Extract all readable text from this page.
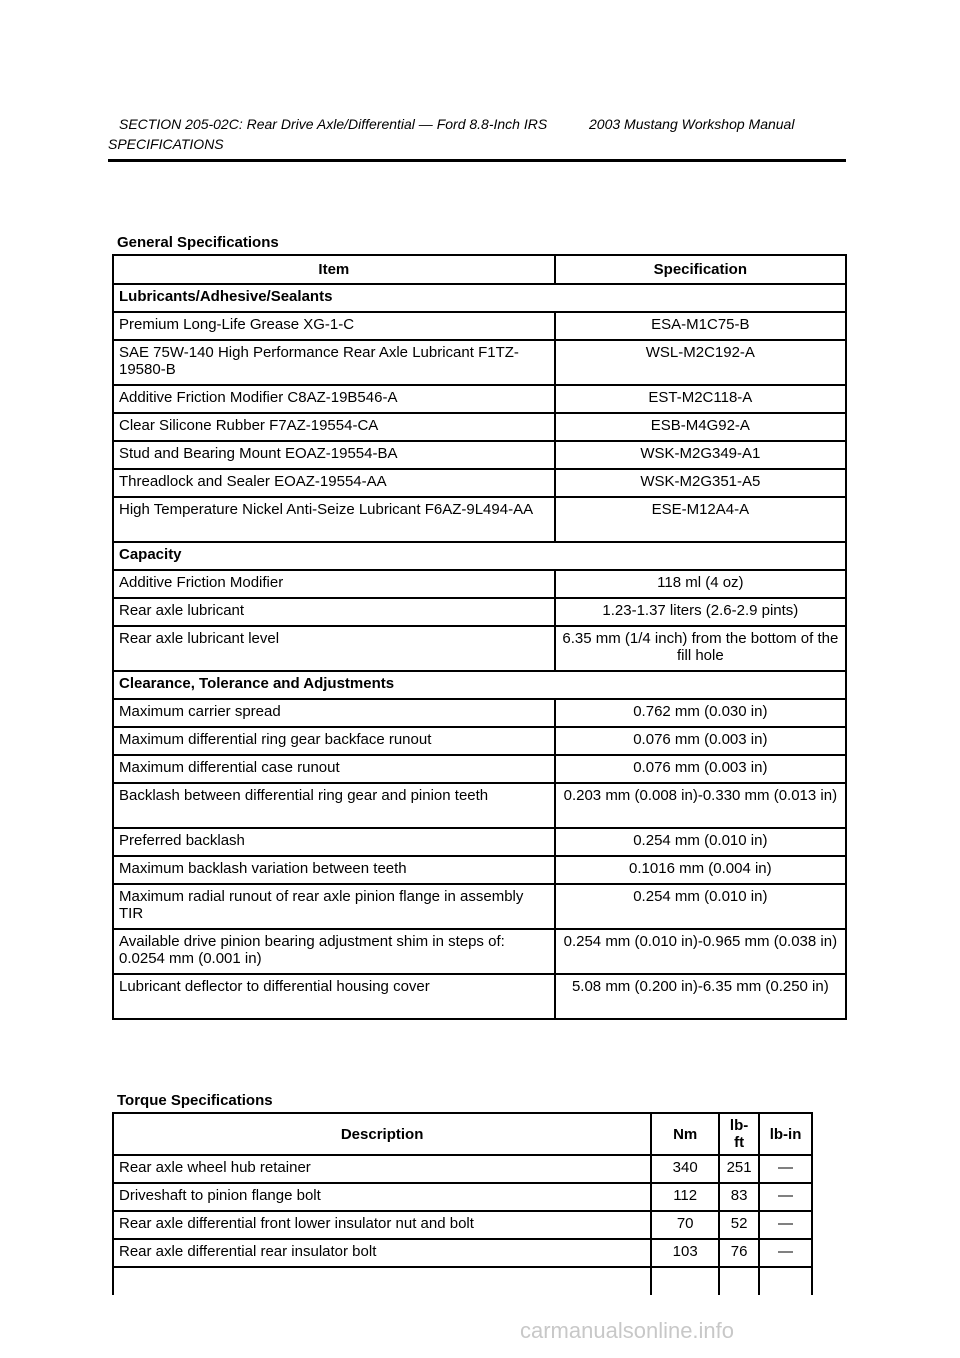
SECTION 205-02C: Rear Drive Axle/Differential — Ford 8.8-Inch IRS	2003 Mustang Workshop Manual
SPECIFICATIONS
General Specifications
Item	Specification
Lubricants/Adhesive/Sealants	
Premium Long-Life Grease XG-1-C	ESA-M1C75-B
SAE 75W-140 High Performance Rear Axle Lubricant F1TZ-19580-B	WSL-M2C192-A
Additive Friction Modifier C8AZ-19B546-A	EST-M2C118-A
Clear Silicone Rubber F7AZ-19554-CA	ESB-M4G92-A
Stud and Bearing Mount EOAZ-19554-BA	WSK-M2G349-A1
Threadlock and Sealer EOAZ-19554-AA	WSK-M2G351-A5
High Temperature Nickel Anti-Seize Lubricant F6AZ-9L494-AA	ESE-M12A4-A
Capacity	
Additive Friction Modifier	118 ml (4 oz)
Rear axle lubricant	1.23-1.37 liters (2.6-2.9 pints)
Rear axle lubricant level	6.35 mm (1/4 inch) from the bottom of the fill hole
Clearance, Tolerance and Adjustments	
Maximum carrier spread	0.762 mm (0.030 in)
Maximum differential ring gear backface runout	0.076 mm (0.003 in)
Maximum differential case runout	0.076 mm (0.003 in)
Backlash between differential ring gear and pinion teeth	0.203 mm (0.008 in)-0.330 mm (0.013 in)
Preferred backlash	0.254 mm (0.010 in)
Maximum backlash variation between teeth	0.1016 mm (0.004 in)
Maximum radial runout of rear axle pinion flange in assembly TIR	0.254 mm (0.010 in)
Available drive pinion bearing adjustment shim in steps of: 0.0254 mm (0.001 in)	0.254 mm (0.010 in)-0.965 mm (0.038 in)
Lubricant deflector to differential housing cover	5.08 mm (0.200 in)-6.35 mm (0.250 in)
Torque Specifications
Description	Nm	lb-ft	lb-in
Rear axle wheel hub retainer	340	251	—
Driveshaft to pinion flange bolt	112	83	—
Rear axle differential front lower insulator nut and bolt	70	52	—
Rear axle differential rear insulator bolt	103	76	—

carmanualsonline.info
